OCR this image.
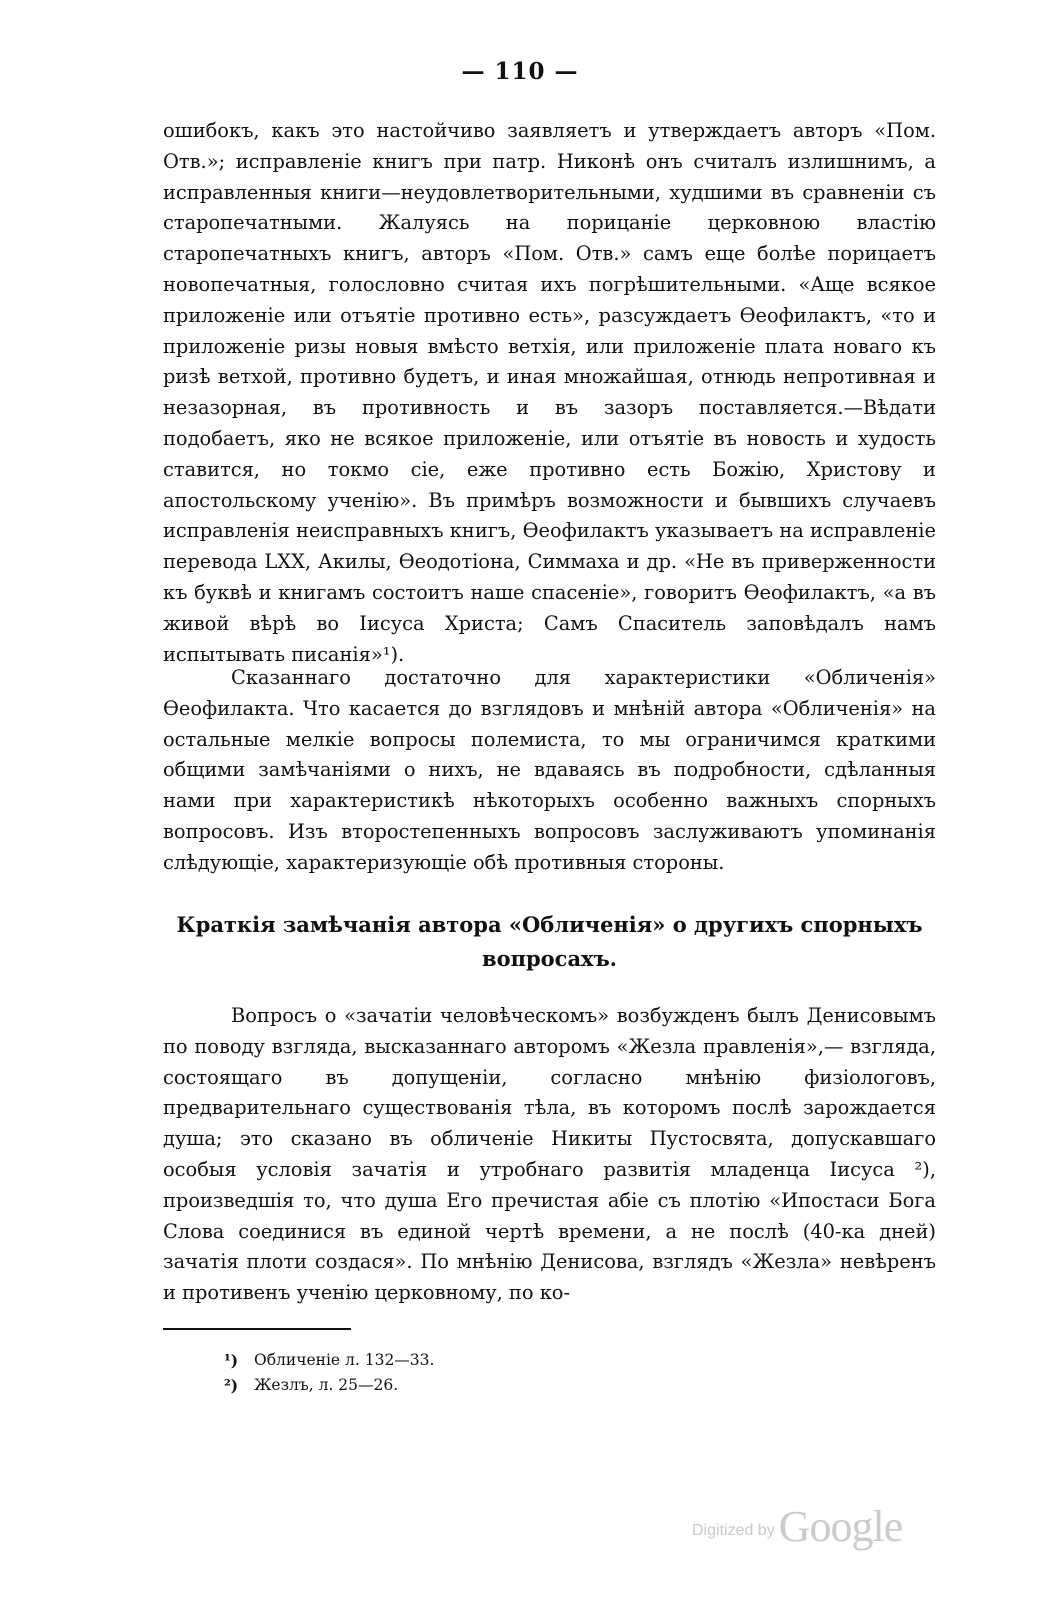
— 110 —

ошибокъ, какъ это настойчиво заявляетъ и утверждаетъ авторъ «Пом. Отв.»; исправленіе книгъ при патр. Никонѣ онъ считалъ излишнимъ, а исправленныя книги—неудовлетворительными, худшими въ сравненіи съ старопечатными. Жалуясь на порицаніе церковною властію старопечатныхъ книгъ, авторъ «Пом. Отв.» самъ еще болѣе порицаетъ новопечатныя, голословно считая ихъ погрѣшительными. «Аще всякое приложеніе или отъятіе противно есть», разсуждаетъ Ѳеофилактъ, «то и приложеніе ризы новыя вмѣсто ветхія, или приложеніе плата новаго къ ризѣ ветхой, противно будетъ, и иная множайшая, отнюдь непротивная и незазорная, въ противность и въ зазоръ поставляется.—Вѣдати подобаетъ, яко не всякое приложеніе, или отъятіе въ новость и худость ставится, но токмо сіе, еже противно есть Божію, Христову и апостольскому ученію». Въ примѣръ возможности и бывшихъ случаевъ исправленія неисправныхъ книгъ, Ѳеофилактъ указываетъ на исправленіе перевода LXX, Акилы, Ѳеодотіона, Симмаха и др. «Не въ приверженности къ буквѣ и книгамъ состоитъ наше спасеніе», говоритъ Ѳеофилактъ, «а въ живой вѣрѣ во Іисуса Христа; Самъ Спаситель заповѣдалъ намъ испытывать писанія»¹).

Сказаннаго достаточно для характеристики «Обличенія» Ѳеофилакта. Что касается до взглядовъ и мнѣній автора «Обличенія» на остальные мелкіе вопросы полемиста, то мы ограничимся краткими общими замѣчаніями о нихъ, не вдаваясь въ подробности, сдѣланныя нами при характеристикѣ нѣкоторыхъ особенно важныхъ спорныхъ вопросовъ. Изъ второстепенныхъ вопросовъ заслуживаютъ упоминанія слѣдующіе, характеризующіе обѣ противныя стороны.

Краткія замѣчанія автора «Обличенія» о другихъ спорныхъ
вопросахъ.

Вопросъ о «зачатіи человѣческомъ» возбужденъ былъ Денисовымъ по поводу взгляда, высказаннаго авторомъ «Жезла правленія»,— взгляда, состоящаго въ допущеніи, согласно мнѣнію физіологовъ, предварительнаго существованія тѣла, въ которомъ послѣ зарождается душа; это сказано въ обличеніе Никиты Пустосвята, допускавшаго особыя условія зачатія и утробнаго развитія младенца Іисуса ²), произведшія то, что душа Его пречистая абіе съ плотію «Ипостаси Бога Слова соединися въ единой чертѣ времени, а не послѣ (40-ка дней) зачатія плоти создася». По мнѣнію Денисова, взглядъ «Жезла» невѣренъ и противенъ ученію церковному, по ко-

¹)	Обличеніе л. 132—33.
²)	Жезлъ, л. 25—26.
Digitized by Google
